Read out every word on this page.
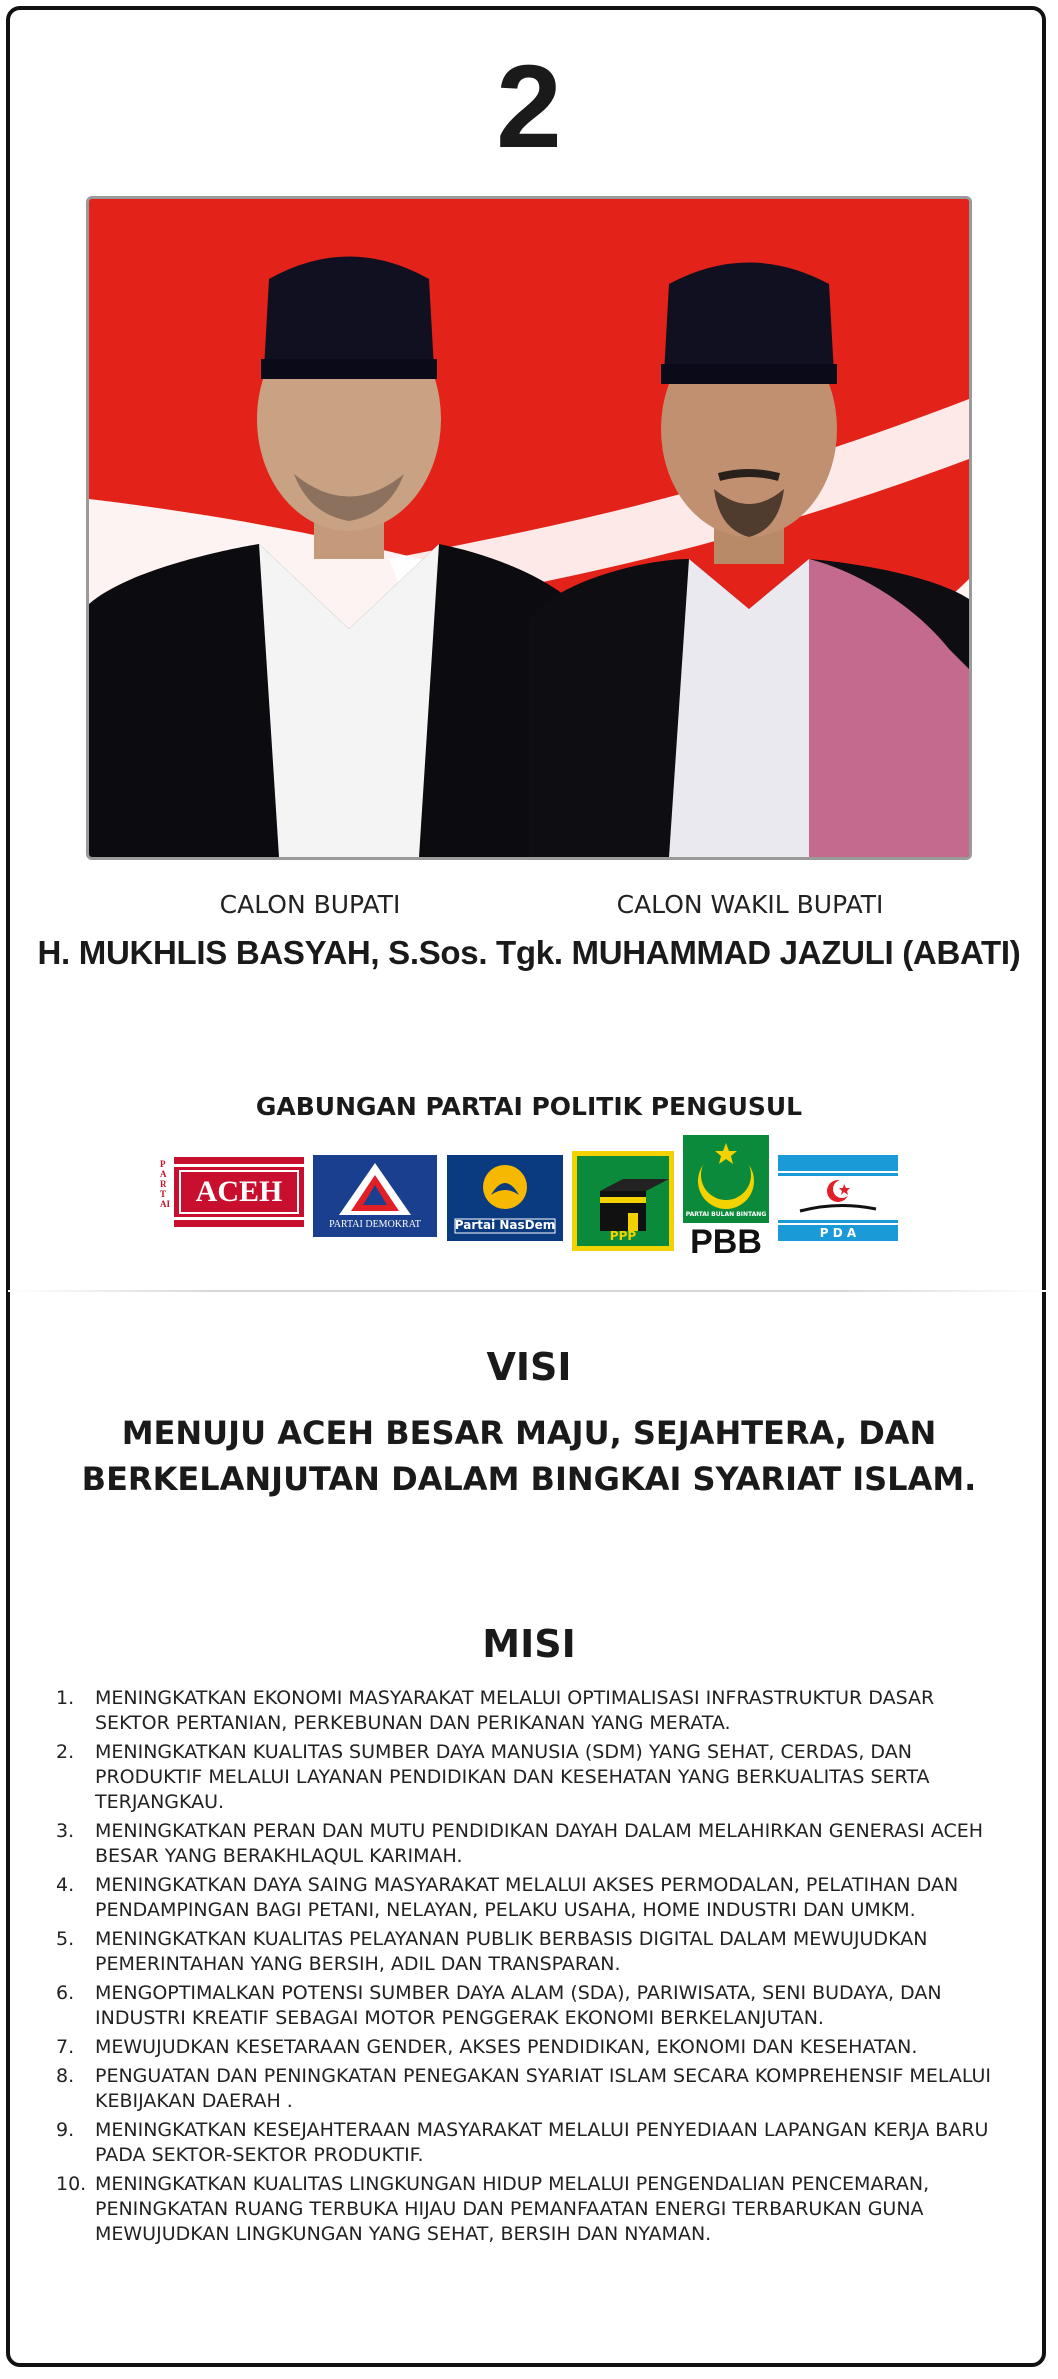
2
CALON BUPATI	CALON WAKIL BUPATI
H. MUKHLIS BASYAH, S.Sos. Tgk. MUHAMMAD JAZULI (ABATI)
GABUNGAN PARTAI POLITIK PENGUSUL
PARTAI ACEH
PARTAI DEMOKRAT	Partai NasDem
PPP
PARTAI BULAN BINTANG
PBB	P D A
VISI
MENUJU ACEH BESAR MAJU, SEJAHTERA, DAN BERKELANJUTAN DALAM BINGKAI SYARIAT ISLAM.
MISI
1.	MENINGKATKAN EKONOMI MASYARAKAT MELALUI OPTIMALISASI INFRASTRUKTUR DASAR SEKTOR PERTANIAN, PERKEBUNAN DAN PERIKANAN YANG MERATA.
2.	MENINGKATKAN KUALITAS SUMBER DAYA MANUSIA (SDM) YANG SEHAT, CERDAS, DAN PRODUKTIF MELALUI LAYANAN PENDIDIKAN DAN KESEHATAN YANG BERKUALITAS SERTA TERJANGKAU.
3.	MENINGKATKAN PERAN DAN MUTU PENDIDIKAN DAYAH DALAM MELAHIRKAN GENERASI ACEH BESAR YANG BERAKHLAQUL KARIMAH.
4.	MENINGKATKAN DAYA SAING MASYARAKAT MELALUI AKSES PERMODALAN, PELATIHAN DAN PENDAMPINGAN BAGI PETANI, NELAYAN, PELAKU USAHA, HOME INDUSTRI DAN UMKM.
5.	MENINGKATKAN KUALITAS PELAYANAN PUBLIK BERBASIS DIGITAL DALAM MEWUJUDKAN PEMERINTAHAN YANG BERSIH, ADIL DAN TRANSPARAN.
6.	MENGOPTIMALKAN POTENSI SUMBER DAYA ALAM (SDA), PARIWISATA, SENI BUDAYA, DAN INDUSTRI KREATIF SEBAGAI MOTOR PENGGERAK EKONOMI BERKELANJUTAN.
7.	MEWUJUDKAN KESETARAAN GENDER, AKSES PENDIDIKAN, EKONOMI DAN KESEHATAN.
8.	PENGUATAN DAN PENINGKATAN PENEGAKAN SYARIAT ISLAM SECARA KOMPREHENSIF MELALUI KEBIJAKAN DAERAH .
9.	MENINGKATKAN KESEJAHTERAAN MASYARAKAT MELALUI PENYEDIAAN LAPANGAN KERJA BARU PADA SEKTOR-SEKTOR PRODUKTIF.
10. MENINGKATKAN KUALITAS LINGKUNGAN HIDUP MELALUI PENGENDALIAN PENCEMARAN, PENINGKATAN RUANG TERBUKA HIJAU DAN PEMANFAATAN ENERGI TERBARUKAN GUNA MEWUJUDKAN LINGKUNGAN YANG SEHAT, BERSIH DAN NYAMAN.
